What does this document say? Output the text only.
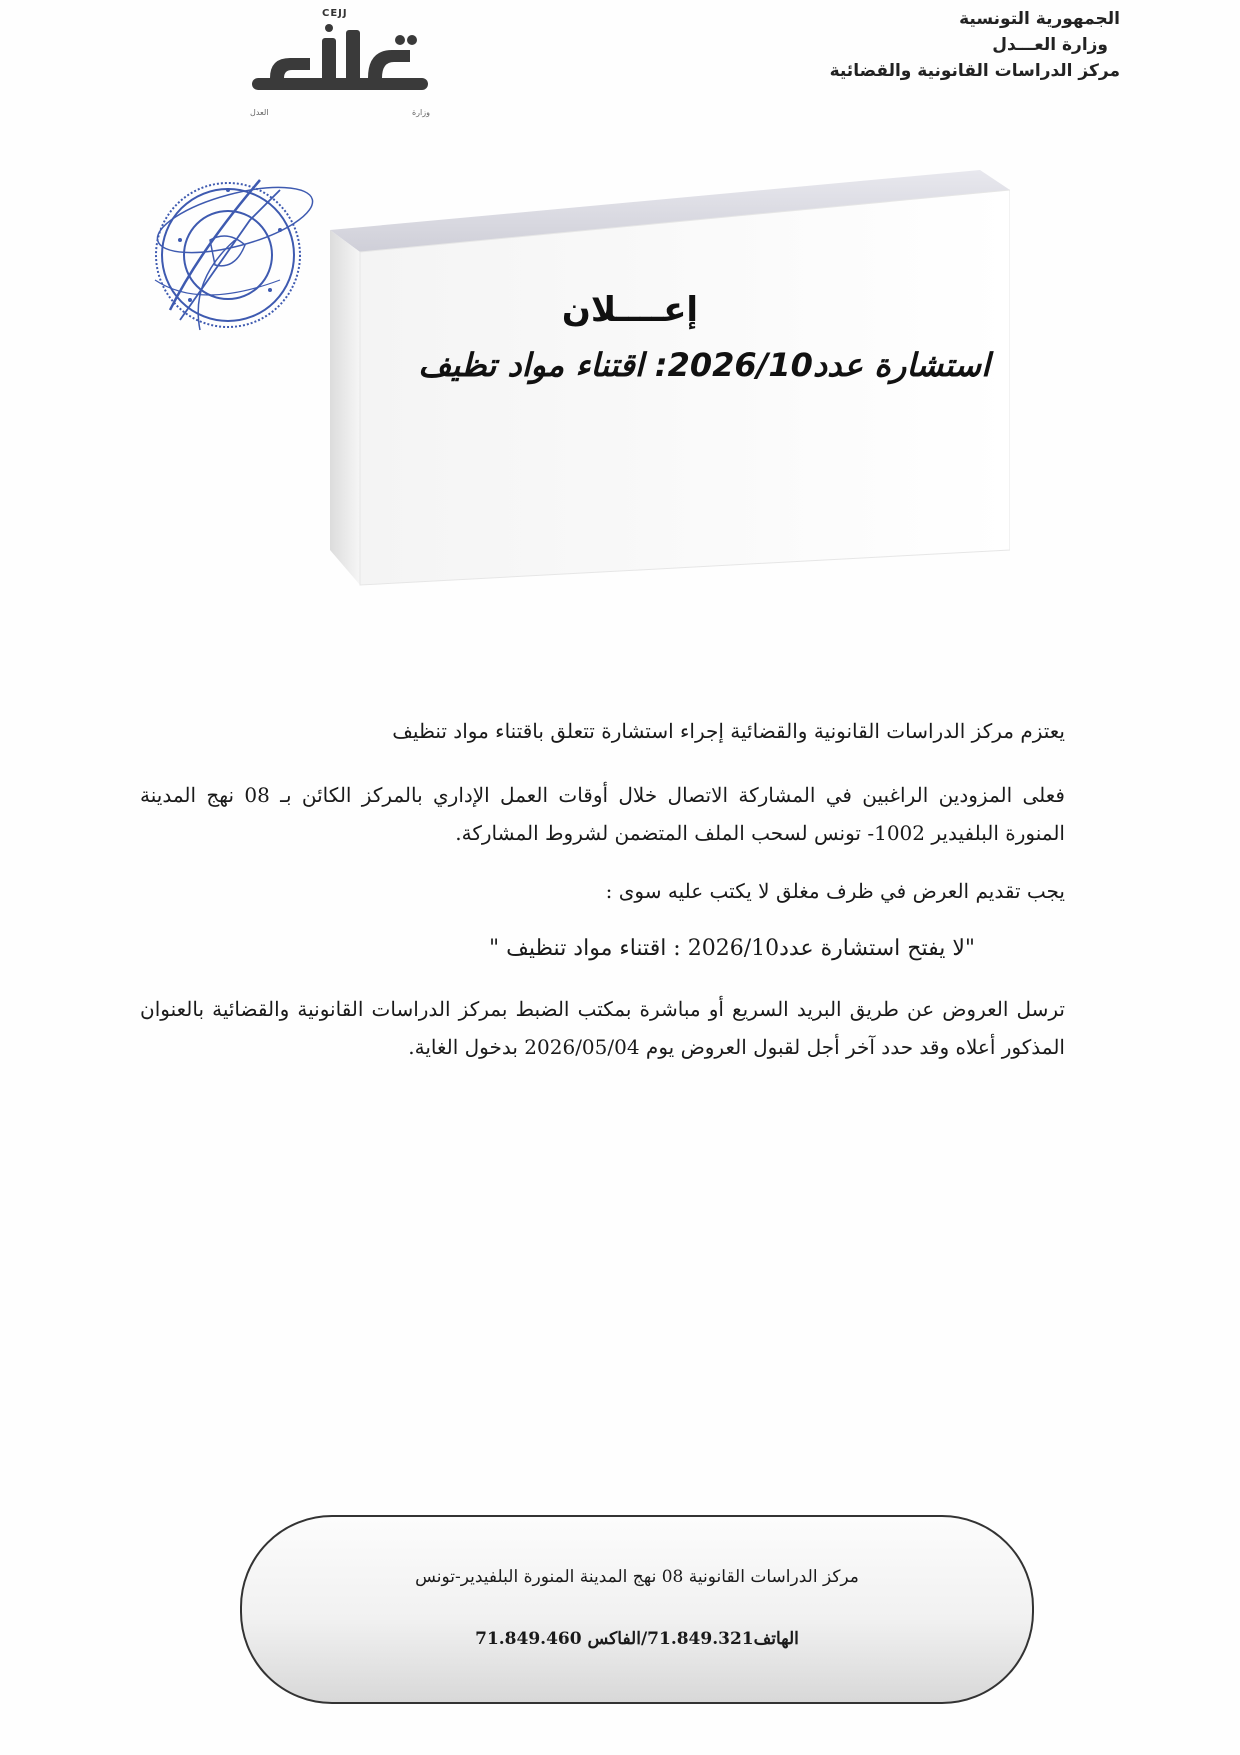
الجمهورية التونسية
وزارة العـــدل
مركز الدراسات القانونية والقضائية
CEJJ
العدل	وزارة
إعــــلان
استشارة عدد2026/10: اقتناء مواد تظيف

يعتزم مركز الدراسات القانونية والقضائية إجراء استشارة تتعلق باقتناء مواد تنظيف

فعلى المزودين الراغبين في المشاركة الاتصال خلال أوقات العمل الإداري بالمركز الكائن بـ 08 نهج المدينة المنورة البلفيدير 1002- تونس لسحب الملف المتضمن لشروط المشاركة.

يجب تقديم العرض في ظرف مغلق لا يكتب عليه سوى :

"لا يفتح استشارة عدد2026/10 : اقتناء مواد تنظيف "

ترسل العروض عن طريق البريد السريع أو مباشرة بمكتب الضبط بمركز الدراسات القانونية والقضائية بالعنوان المذكور أعلاه وقد حدد آخر أجل لقبول العروض يوم 2026/05/04 بدخول الغاية.

مركز الدراسات القانونية 08 نهج المدينة المنورة البلفيدير-تونس
الهاتف71.849.321/الفاكس 71.849.460
